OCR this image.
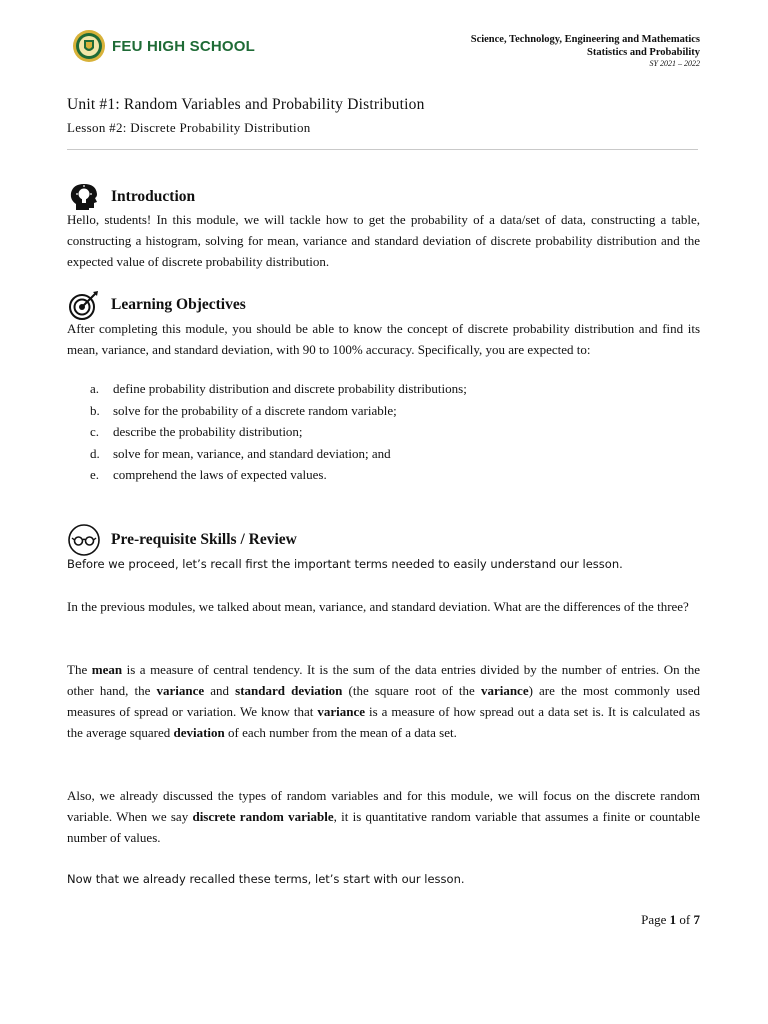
FEU HIGH SCHOOL	Science, Technology, Engineering and Mathematics
Statistics and Probability
SY 2021 – 2022
Unit #1: Random Variables and Probability Distribution
Lesson #2: Discrete Probability Distribution
Introduction

Hello, students! In this module, we will tackle how to get the probability of a data/set of data, constructing a table, constructing a histogram, solving for mean, variance and standard deviation of discrete probability distribution and the expected value of discrete probability distribution.

Learning Objectives

After completing this module, you should be able to know the concept of discrete probability distribution and find its mean, variance, and standard deviation, with 90 to 100% accuracy. Specifically, you are expected to:

a.	define probability distribution and discrete probability distributions;
b.	solve for the probability of a discrete random variable;
c.	describe the probability distribution;
d.	solve for mean, variance, and standard deviation; and
e.	comprehend the laws of expected values.
Pre-requisite Skills / Review

Before we proceed, let’s recall first the important terms needed to easily understand our lesson.

In the previous modules, we talked about mean, variance, and standard deviation. What are the differences of the three?

The mean is a measure of central tendency. It is the sum of the data entries divided by the number of entries. On the other hand, the variance and standard deviation (the square root of the variance) are the most commonly used measures of spread or variation. We know that variance is a measure of how spread out a data set is. It is calculated as the average squared deviation of each number from the mean of a data set.

Also, we already discussed the types of random variables and for this module, we will focus on the discrete random variable. When we say discrete random variable, it is quantitative random variable that assumes a finite or countable number of values.

Now that we already recalled these terms, let’s start with our lesson.

Page 1 of 7
